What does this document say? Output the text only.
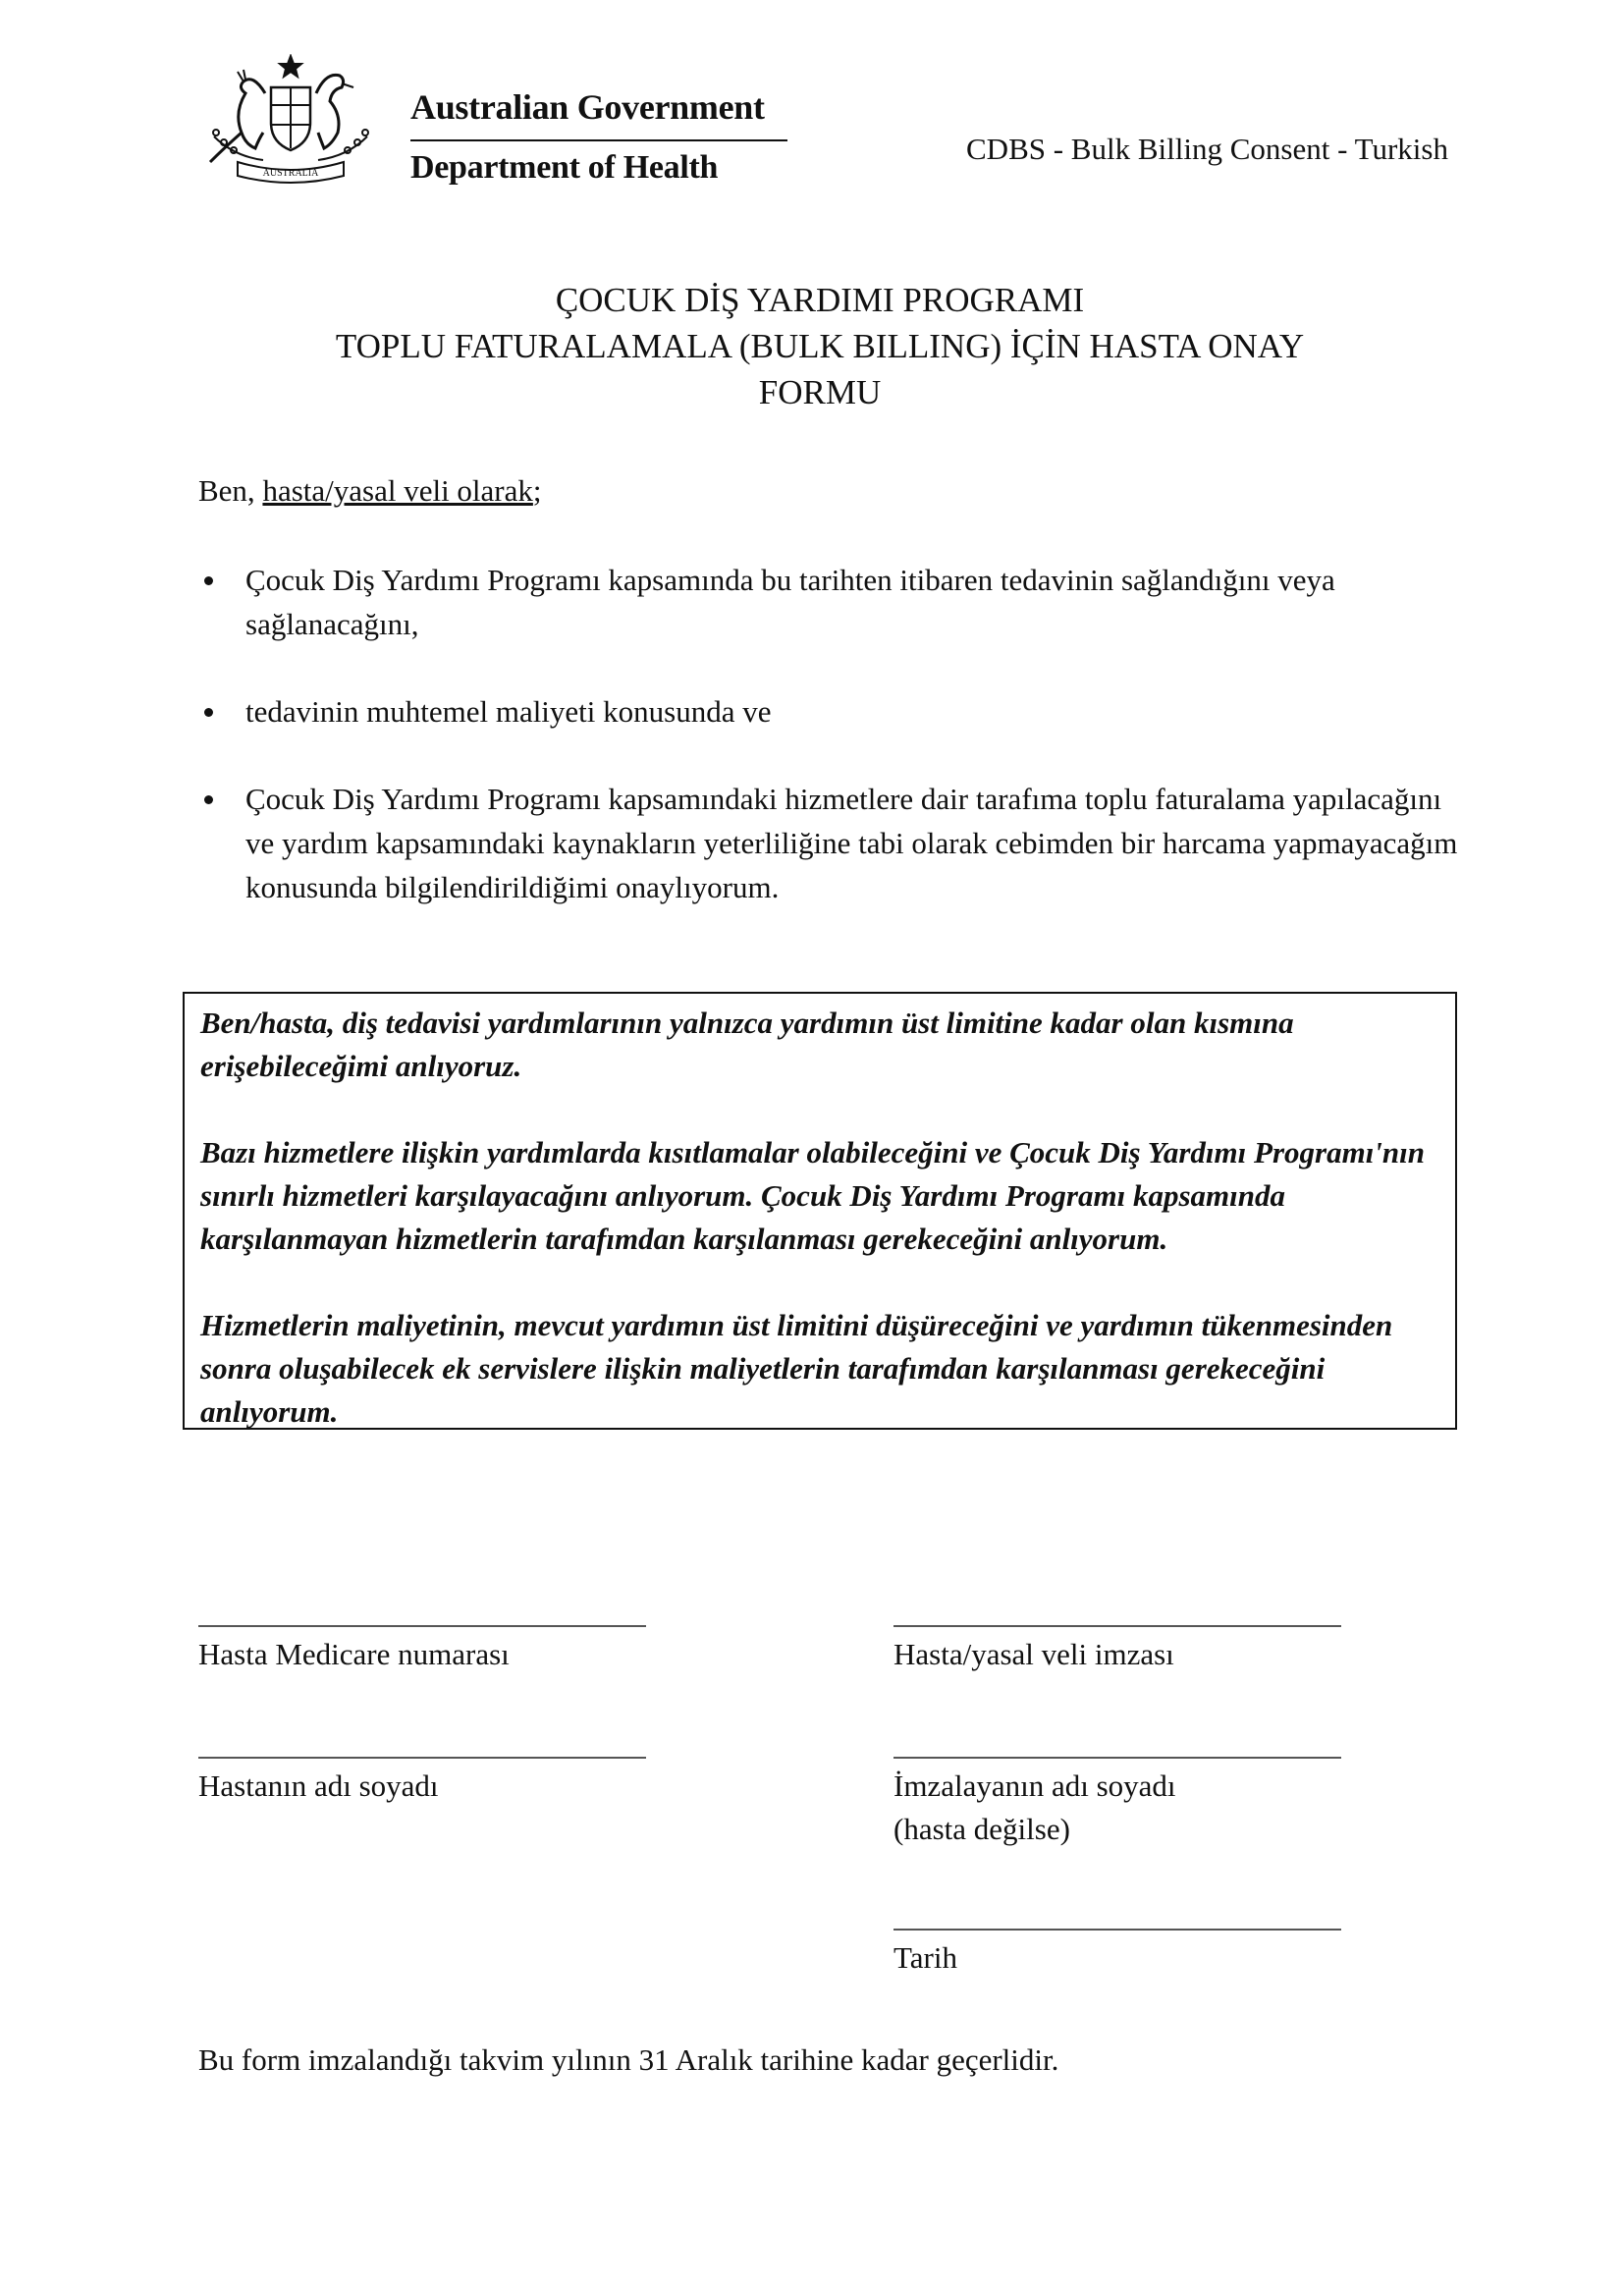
AUSTRALIA
Australian Government
Department of Health
CDBS - Bulk Billing Consent - Turkish
ÇOCUK DİŞ YARDIMI PROGRAMI
TOPLU FATURALAMALA (BULK BILLING) İÇİN HASTA ONAY
FORMU
Ben, hasta/yasal veli olarak;
Çocuk Diş Yardımı Programı kapsamında bu tarihten itibaren tedavinin sağlandığını veya sağlanacağını,
tedavinin muhtemel maliyeti konusunda ve
Çocuk Diş Yardımı Programı kapsamındaki hizmetlere dair tarafıma toplu faturalama yapılacağını ve yardım kapsamındaki kaynakların yeterliliğine tabi olarak cebimden bir harcama yapmayacağım konusunda bilgilendirildiğimi onaylıyorum.

Ben/hasta, diş tedavisi yardımlarının yalnızca yardımın üst limitine kadar olan kısmına erişebileceğimi anlıyoruz.

Bazı hizmetlere ilişkin yardımlarda kısıtlamalar olabileceğini ve Çocuk Diş Yardımı Programı'nın sınırlı hizmetleri karşılayacağını anlıyorum. Çocuk Diş Yardımı Programı kapsamında karşılanmayan hizmetlerin tarafımdan karşılanması gerekeceğini anlıyorum.

Hizmetlerin maliyetinin, mevcut yardımın üst limitini düşüreceğini ve yardımın tükenmesinden sonra oluşabilecek ek servislere ilişkin maliyetlerin tarafımdan karşılanması gerekeceğini anlıyorum.

Hasta Medicare numarası
Hastanın adı soyadı
Hasta/yasal veli imzası
İmzalayanın adı soyadı
(hasta değilse)
Tarih
Bu form imzalandığı takvim yılının 31 Aralık tarihine kadar geçerlidir.
